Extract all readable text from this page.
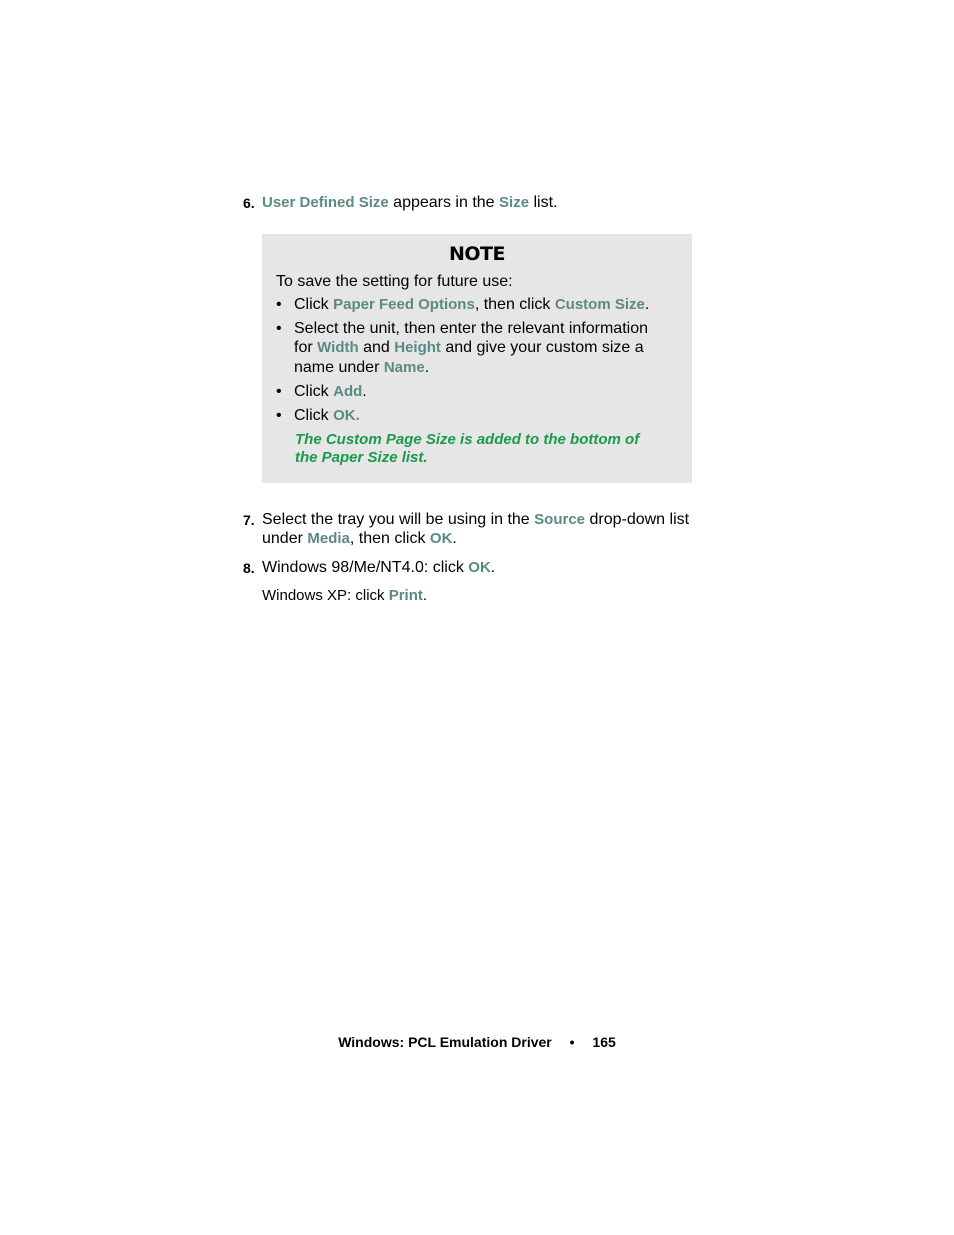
6. User Defined Size appears in the Size list.
NOTE
To save the setting for future use:
• Click Paper Feed Options, then click Custom Size.
• Select the unit, then enter the relevant information
for Width and Height and give your custom size a
name under Name.
• Click Add.
• Click OK.
The Custom Page Size is added to the bottom of
the Paper Size list.
7. Select the tray you will be using in the Source drop-down list
under Media, then click OK.
8. Windows 98/Me/NT4.0: click OK.
Windows XP: click Print.
Windows: PCL Emulation Driver • 165
